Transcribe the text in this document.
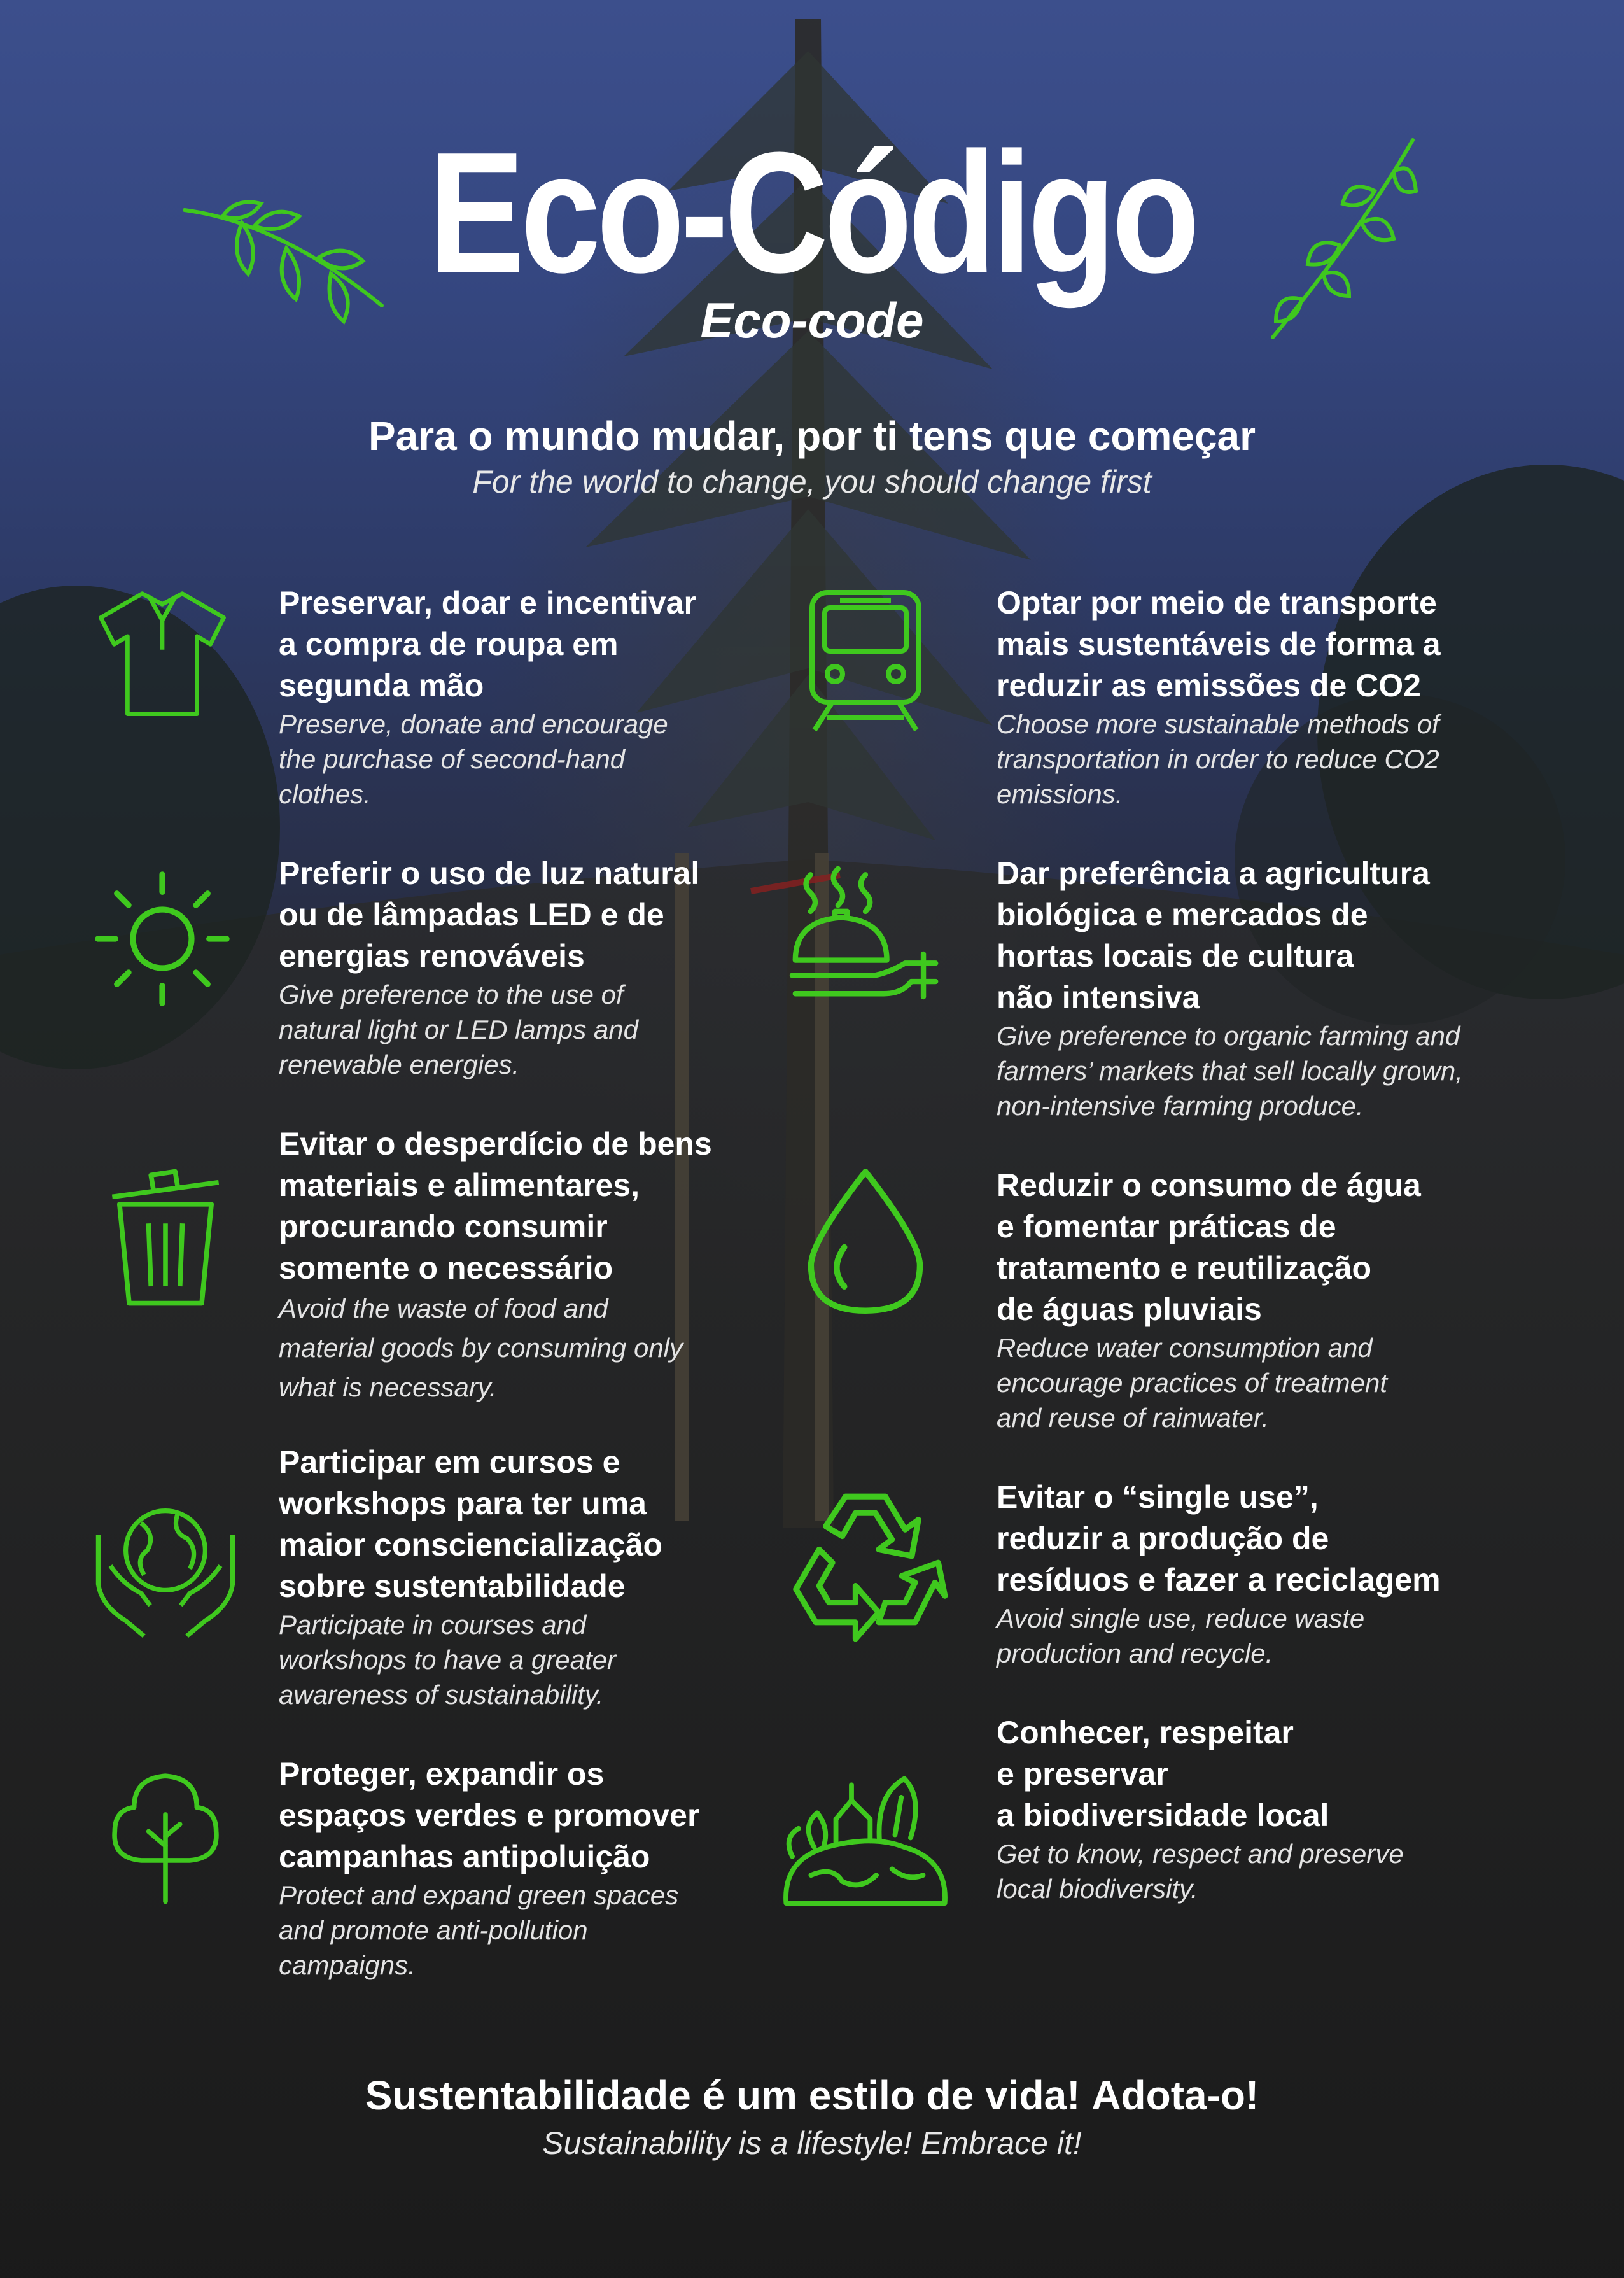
Eco-Código
Eco-code
Para o mundo mudar, por ti tens que começar
For the world to change, you should change first
Preservar, doar e incentivar
a compra de roupa em
segunda mão
Preserve, donate and encourage
the purchase of second-hand
clothes.
Preferir o uso de luz natural
ou de lâmpadas LED e de
energias renováveis
Give preference to the use of
natural light or LED lamps and
renewable energies.
Evitar o desperdício de bens
materiais e alimentares,
procurando consumir
somente o necessário
Avoid the waste of food and
material goods by consuming only
what is necessary.
Participar em cursos e
workshops para ter uma
maior consciencialização
sobre sustentabilidade
Participate in courses and
workshops to have a greater
awareness of sustainability.
Proteger, expandir os
espaços verdes e promover
campanhas antipoluição
Protect and expand green spaces
and promote anti-pollution
campaigns.
Optar por meio de transporte
mais sustentáveis de forma a
reduzir as emissões de CO2
Choose more sustainable methods of
transportation in order to reduce CO2
emissions.
Dar preferência a agricultura
biológica e mercados de
hortas locais de cultura
não intensiva
Give preference to organic farming and
farmers’ markets that sell locally grown,
non-intensive farming produce.
Reduzir o consumo de água
e fomentar práticas de
tratamento e reutilização
de águas pluviais
Reduce water consumption and
encourage practices of treatment
and reuse of rainwater.
Evitar o “single use”,
reduzir a produção de
resíduos e fazer a reciclagem
Avoid single use, reduce waste
production and recycle.
Conhecer, respeitar
e preservar
a biodiversidade local
Get to know, respect and preserve
local biodiversity.
Sustentabilidade é um estilo de vida! Adota-o!
Sustainability is a lifestyle! Embrace it!
